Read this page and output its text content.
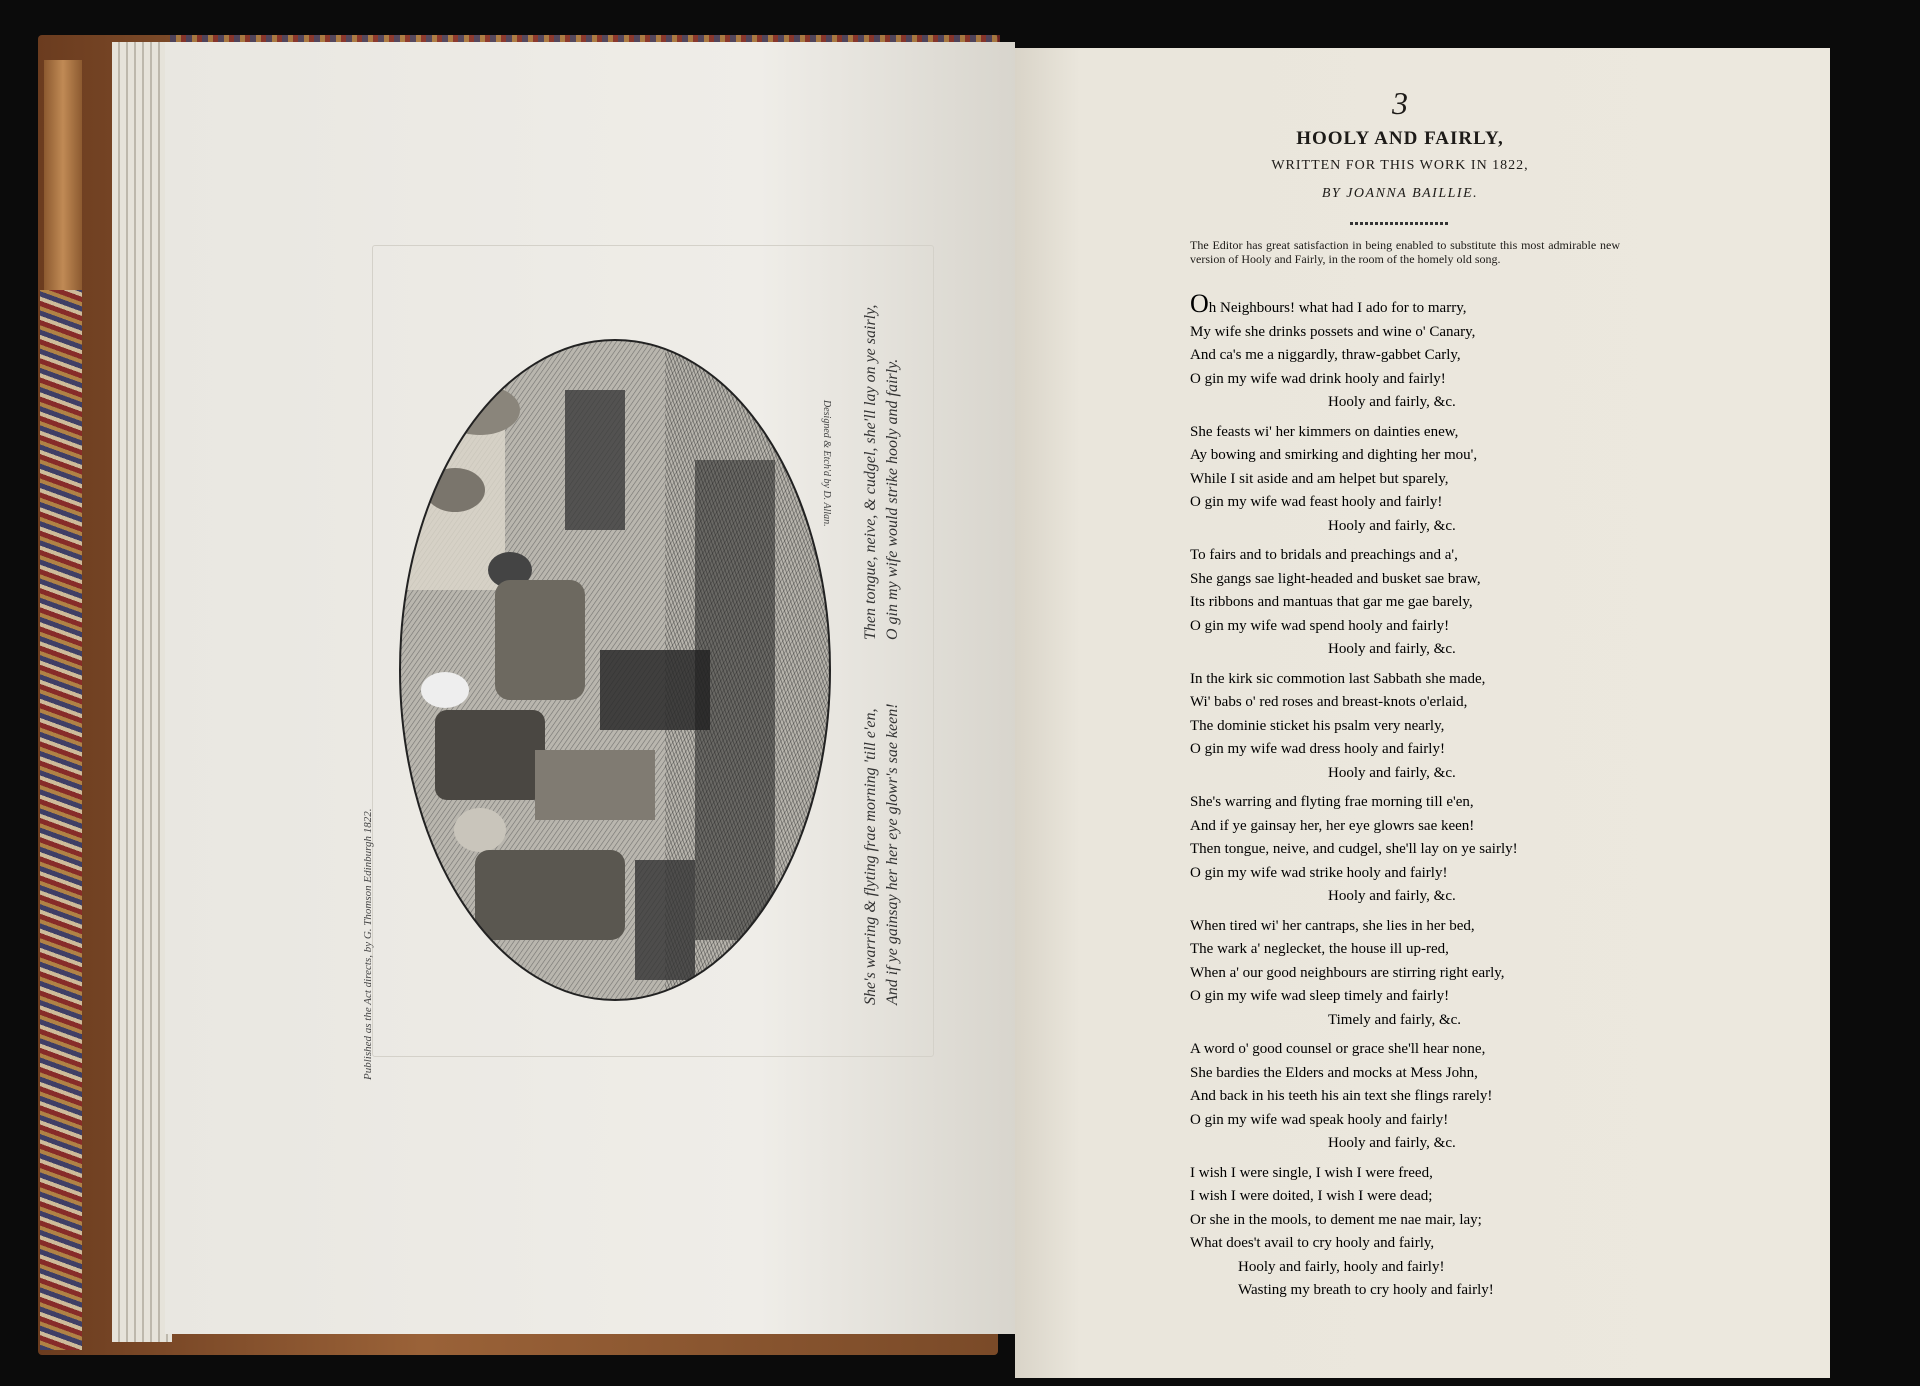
Published as the Act directs, by G. Thomson Edinburgh 1822.
Designed & Etch'd by D. Allan.
She's warring & flyting frae morning 'till e'en, And if ye gainsay her her eye glowr's sae keen!
Then tongue, neive, & cudgel, she'll lay on ye sairly, O gin my wife would strike hooly and fairly.
3
HOOLY AND FAIRLY,
WRITTEN FOR THIS WORK IN 1822,
BY JOANNA BAILLIE.
The Editor has great satisfaction in being enabled to substitute this most admirable new version of Hooly and Fairly, in the room of the homely old song.
Oh Neighbours! what had I ado for to marry,
My wife she drinks possets and wine o' Canary,
And ca's me a niggardly, thraw-gabbet Carly,
O gin my wife wad drink hooly and fairly!
Hooly and fairly, &c.
She feasts wi' her kimmers on dainties enew,
Ay bowing and smirking and dighting her mou',
While I sit aside and am helpet but sparely,
O gin my wife wad feast hooly and fairly!
Hooly and fairly, &c.
To fairs and to bridals and preachings and a',
She gangs sae light-headed and busket sae braw,
Its ribbons and mantuas that gar me gae barely,
O gin my wife wad spend hooly and fairly!
Hooly and fairly, &c.
In the kirk sic commotion last Sabbath she made,
Wi' babs o' red roses and breast-knots o'erlaid,
The dominie sticket his psalm very nearly,
O gin my wife wad dress hooly and fairly!
Hooly and fairly, &c.
She's warring and flyting frae morning till e'en,
And if ye gainsay her, her eye glowrs sae keen!
Then tongue, neive, and cudgel, she'll lay on ye sairly!
O gin my wife wad strike hooly and fairly!
Hooly and fairly, &c.
When tired wi' her cantraps, she lies in her bed,
The wark a' neglecket, the house ill up-red,
When a' our good neighbours are stirring right early,
O gin my wife wad sleep timely and fairly!
Timely and fairly, &c.
A word o' good counsel or grace she'll hear none,
She bardies the Elders and mocks at Mess John,
And back in his teeth his ain text she flings rarely!
O gin my wife wad speak hooly and fairly!
Hooly and fairly, &c.
I wish I were single, I wish I were freed,
I wish I were doited, I wish I were dead;
Or she in the mools, to dement me nae mair, lay;
What does't avail to cry hooly and fairly,
Hooly and fairly, hooly and fairly!
Wasting my breath to cry hooly and fairly!
